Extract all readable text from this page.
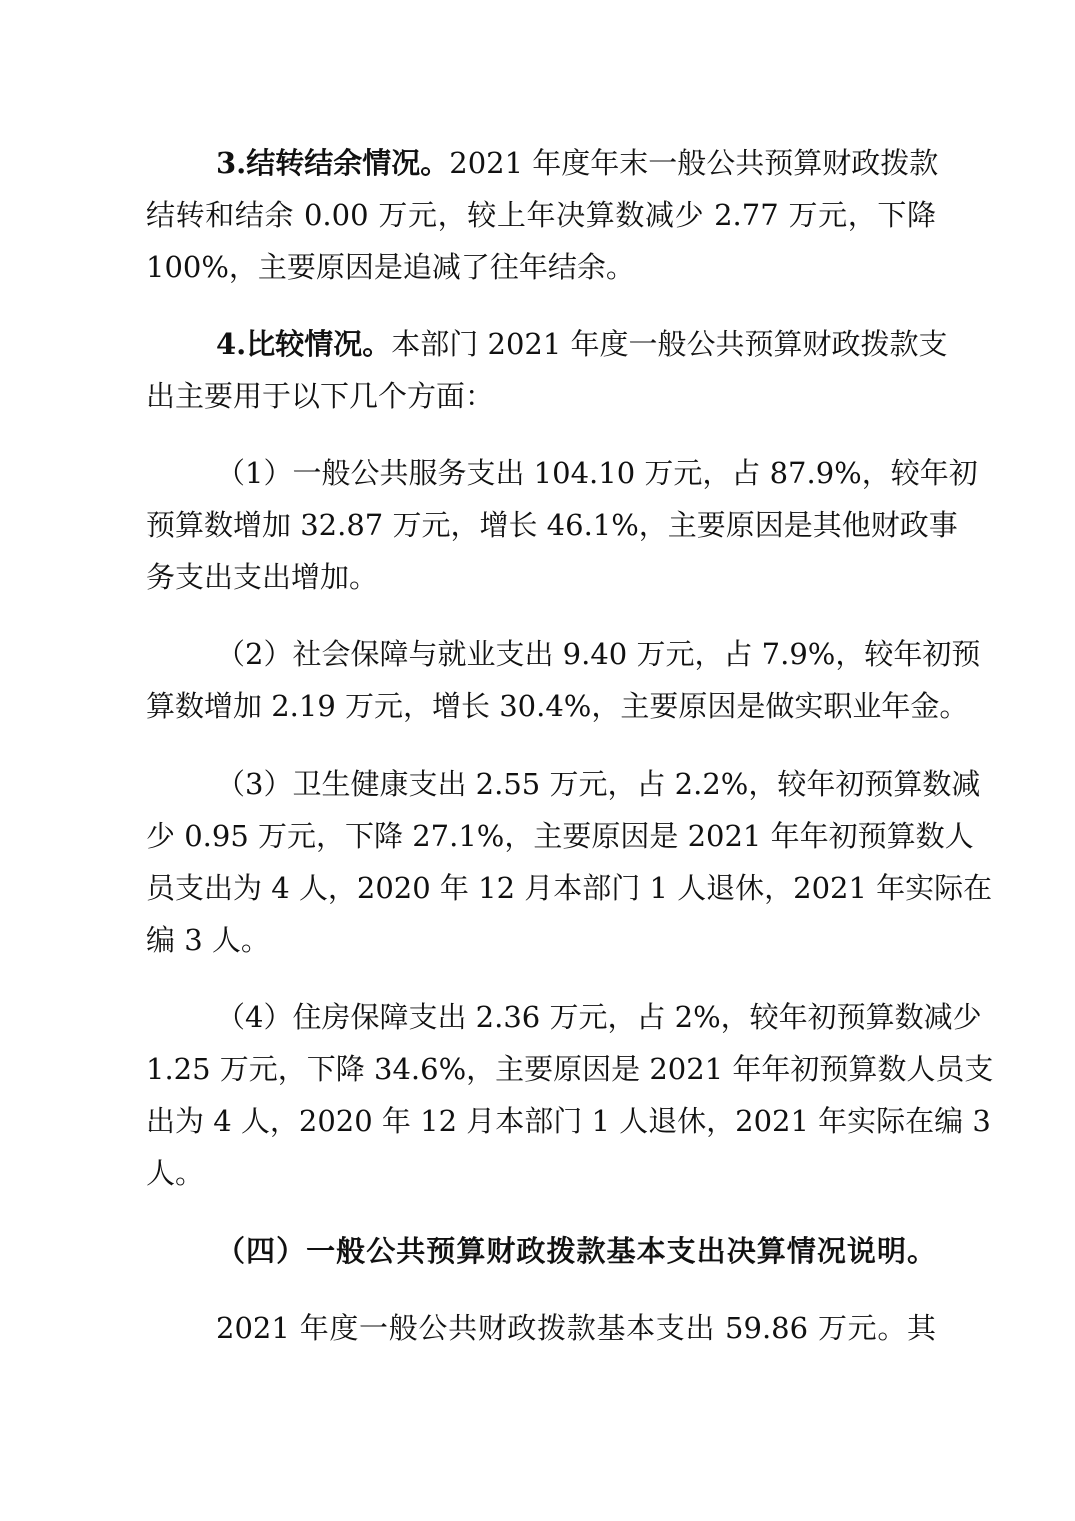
3.结转结余情况。2021 年度年末一般公共预算财政拨款
结转和结余 0.00 万元，较上年决算数减少 2.77 万元，下降
100%，主要原因是追减了往年结余。
4.比较情况。本部门 2021 年度一般公共预算财政拨款支
出主要用于以下几个方面：
（1）一般公共服务支出 104.10 万元，占 87.9%，较年初
预算数增加 32.87 万元，增长 46.1%，主要原因是其他财政事
务支出支出增加。
（2）社会保障与就业支出 9.40 万元，占 7.9%，较年初预
算数增加 2.19 万元，增长 30.4%，主要原因是做实职业年金。
（3）卫生健康支出 2.55 万元，占 2.2%，较年初预算数减
少 0.95 万元，下降 27.1%，主要原因是 2021 年年初预算数人
员支出为 4 人，2020 年 12 月本部门 1 人退休，2021 年实际在
编 3 人。
（4）住房保障支出 2.36 万元，占 2%，较年初预算数减少
1.25 万元，下降 34.6%，主要原因是 2021 年年初预算数人员支
出为 4 人，2020 年 12 月本部门 1 人退休，2021 年实际在编 3
人。
（四）一般公共预算财政拨款基本支出决算情况说明。
2021 年度一般公共财政拨款基本支出 59.86 万元。其
